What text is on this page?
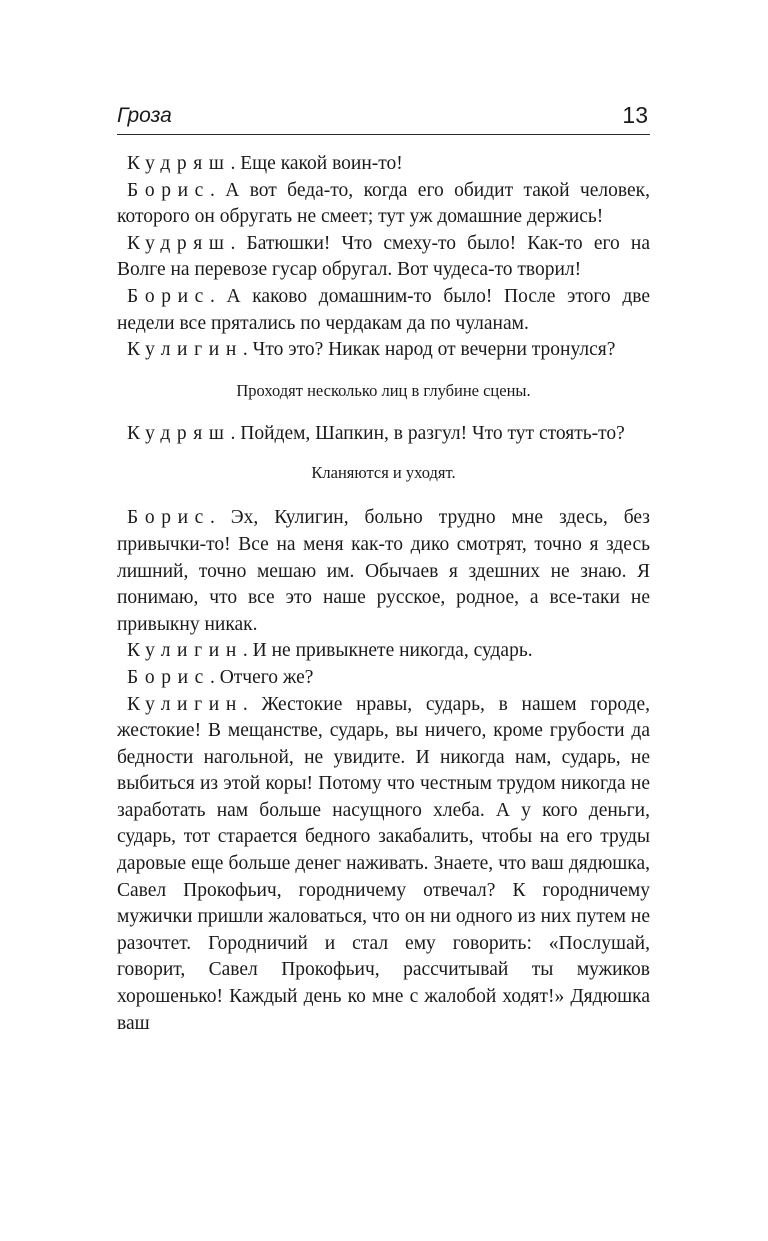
Гроза	13

Кудряш. Еще какой воин-то!

Борис. А вот беда-то, когда его обидит такой человек, которого он обругать не смеет; тут уж домашние держись!

Кудряш. Батюшки! Что смеху-то было! Как-то его на Волге на перевозе гусар обругал. Вот чудеса-то творил!

Борис. А каково домашним-то было! После этого две недели все прятались по чердакам да по чуланам.

Кулигин. Что это? Никак народ от вечерни тронулся?

Проходят несколько лиц в глубине сцены.

Кудряш. Пойдем, Шапкин, в разгул! Что тут стоять-то?

Кланяются и уходят.

Борис. Эх, Кулигин, больно трудно мне здесь, без привычки-то! Все на меня как-то дико смотрят, точно я здесь лишний, точно мешаю им. Обычаев я здешних не знаю. Я понимаю, что все это наше русское, родное, а все-таки не привыкну никак.

Кулигин. И не привыкнете никогда, сударь.

Борис. Отчего же?

Кулигин. Жестокие нравы, сударь, в нашем городе, жестокие! В мещанстве, сударь, вы ничего, кроме грубости да бедности нагольной, не увидите. И никогда нам, сударь, не выбиться из этой коры! Потому что честным трудом никогда не заработать нам больше насущного хлеба. А у кого деньги, сударь, тот старается бедного закабалить, чтобы на его труды даровые еще больше денег наживать. Знаете, что ваш дядюшка, Савел Прокофьич, городничему отвечал? К городничему мужички пришли жаловаться, что он ни одного из них путем не разочтет. Городничий и стал ему говорить: «Послушай, говорит, Савел Прокофьич, рассчитывай ты мужиков хорошенько! Каждый день ко мне с жалобой ходят!» Дядюшка ваш
